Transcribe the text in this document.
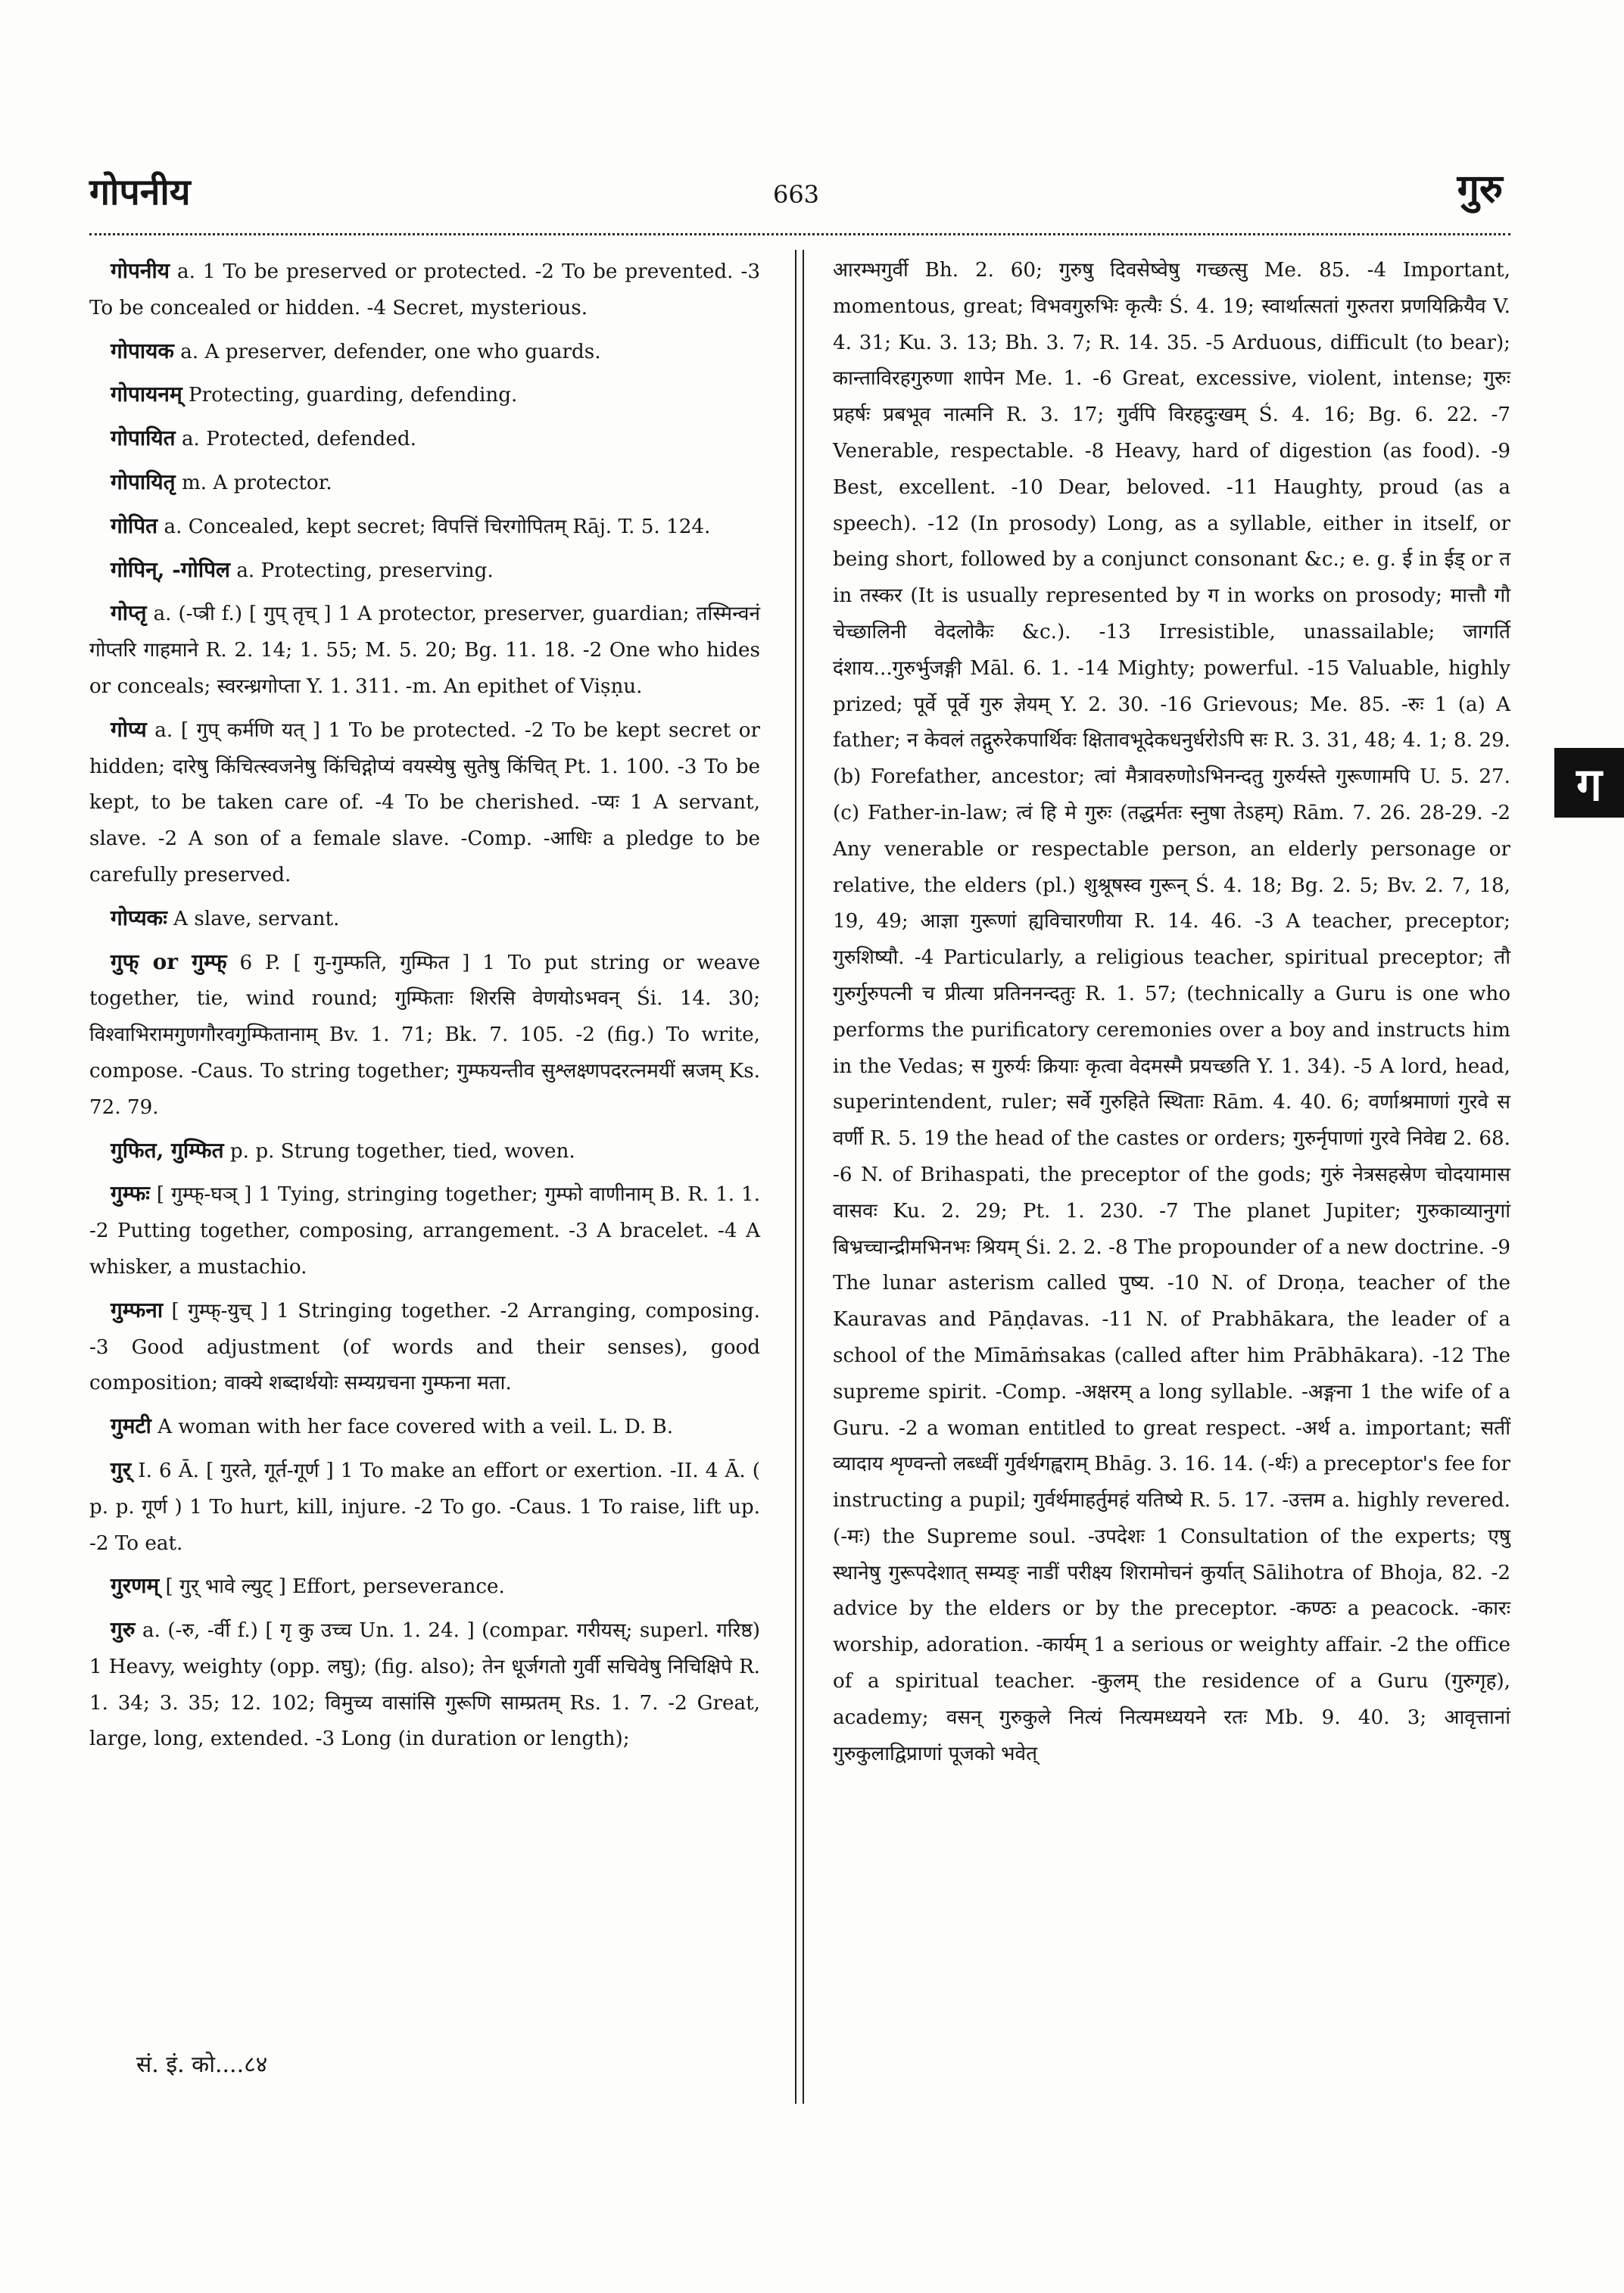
गोपनीय	663	गुरु

गोपनीय a. 1 To be preserved or protected. -2 To be prevented. -3 To be concealed or hidden. -4 Secret, mysterious.

गोपायक a. A preserver, defender, one who guards.

गोपायनम् Protecting, guarding, defending.

गोपायित a. Protected, defended.

गोपायितृ m. A protector.

गोपित a. Concealed, kept secret; विपत्तिं चिरगोपितम् Rāj. T. 5. 124.

गोपिन्, -गोपिल a. Protecting, preserving.

गोप्तृ a. (-प्त्री f.) [ गुप् तृच् ] 1 A protector, preserver, guardian; तस्मिन्वनं गोप्तरि गाहमाने R. 2. 14; 1. 55; M. 5. 20; Bg. 11. 18. -2 One who hides or conceals; स्वरन्ध्रगोप्ता Y. 1. 311. -m. An epithet of Viṣṇu.

गोप्य a. [ गुप् कर्मणि यत् ] 1 To be protected. -2 To be kept secret or hidden; दारेषु किंचित्स्वजनेषु किंचिद्गोप्यं वयस्येषु सुतेषु किंचित् Pt. 1. 100. -3 To be kept, to be taken care of. -4 To be cherished. -प्यः 1 A servant, slave. -2 A son of a female slave. -Comp. -आधिः a pledge to be carefully preserved.

गोप्यकः A slave, servant.

गुफ् or गुम्फ् 6 P. [ गु-गुम्फति, गुम्फित ] 1 To put string or weave together, tie, wind round; गुम्फिताः शिरसि वेणयोऽभवन् Śi. 14. 30; विश्वाभिरामगुणगौरवगुम्फितानाम् Bv. 1. 71; Bk. 7. 105. -2 (fig.) To write, compose. -Caus. To string together; गुम्फयन्तीव सुश्लक्ष्णपदरत्नमयीं स्रजम् Ks. 72. 79.

गुफित, गुम्फित p. p. Strung together, tied, woven.

गुम्फः [ गुम्फ्-घञ् ] 1 Tying, stringing together; गुम्फो वाणीनाम् B. R. 1. 1. -2 Putting together, composing, arrangement. -3 A bracelet. -4 A whisker, a mustachio.

गुम्फना [ गुम्फ्-युच् ] 1 Stringing together. -2 Arranging, composing. -3 Good adjustment (of words and their senses), good composition; वाक्ये शब्दार्थयोः सम्यग्रचना गुम्फना मता.

गुमटी A woman with her face covered with a veil. L. D. B.

गुर् I. 6 Ā. [ गुरते, गूर्त-गूर्ण ] 1 To make an effort or exertion. -II. 4 Ā. ( p. p. गूर्ण ) 1 To hurt, kill, injure. -2 To go. -Caus. 1 To raise, lift up. -2 To eat.

गुरणम् [ गुर् भावे ल्युट् ] Effort, perseverance.

गुरु a. (-रु, -र्वी f.) [ गृ कु उच्च Un. 1. 24. ] (compar. गरीयस्; superl. गरिष्ठ) 1 Heavy, weighty (opp. लघु); (fig. also); तेन धूर्जगतो गुर्वी सचिवेषु निचिक्षिपे R. 1. 34; 3. 35; 12. 102; विमुच्य वासांसि गुरूणि साम्प्रतम् Rs. 1. 7. -2 Great, large, long, extended. -3 Long (in duration or length);

आरम्भगुर्वी Bh. 2. 60; गुरुषु दिवसेष्वेषु गच्छत्सु Me. 85. -4 Important, momentous, great; विभवगुरुभिः कृत्यैः Ś. 4. 19; स्वार्थात्सतां गुरुतरा प्रणयिक्रियैव V. 4. 31; Ku. 3. 13; Bh. 3. 7; R. 14. 35. -5 Arduous, difficult (to bear); कान्ताविरहगुरुणा शापेन Me. 1. -6 Great, excessive, violent, intense; गुरुः प्रहर्षः प्रबभूव नात्मनि R. 3. 17; गुर्वपि विरहदुःखम् Ś. 4. 16; Bg. 6. 22. -7 Venerable, respectable. -8 Heavy, hard of digestion (as food). -9 Best, excellent. -10 Dear, beloved. -11 Haughty, proud (as a speech). -12 (In prosody) Long, as a syllable, either in itself, or being short, followed by a conjunct consonant &c.; e. g. ई in ईड् or त in तस्कर (It is usually represented by ग in works on prosody; मात्तौ गौ चेच्छालिनी वेदलोकैः &c.). -13 Irresistible, unassailable; जागर्ति दंशाय...गुरुर्भुजङ्गी Māl. 6. 1. -14 Mighty; powerful. -15 Valuable, highly prized; पूर्वे पूर्वे गुरु ज्ञेयम् Y. 2. 30. -16 Grievous; Me. 85. -रुः 1 (a) A father; न केवलं तद्गुरुरेकपार्थिवः क्षितावभूदेकधनुर्धरोऽपि सः R. 3. 31, 48; 4. 1; 8. 29. (b) Forefather, ancestor; त्वां मैत्रावरुणोऽभिनन्दतु गुरुर्यस्ते गुरूणामपि U. 5. 27. (c) Father-in-law; त्वं हि मे गुरुः (तद्धर्मतः स्नुषा तेऽहम्) Rām. 7. 26. 28-29. -2 Any venerable or respectable person, an elderly personage or relative, the elders (pl.) शुश्रूषस्व गुरून् Ś. 4. 18; Bg. 2. 5; Bv. 2. 7, 18, 19, 49; आज्ञा गुरूणां ह्यविचारणीया R. 14. 46. -3 A teacher, preceptor; गुरुशिष्यौ. -4 Particularly, a religious teacher, spiritual preceptor; तौ गुरुर्गुरुपत्नी च प्रीत्या प्रतिननन्दतुः R. 1. 57; (technically a Guru is one who performs the purificatory ceremonies over a boy and instructs him in the Vedas; स गुरुर्यः क्रियाः कृत्वा वेदमस्मै प्रयच्छति Y. 1. 34). -5 A lord, head, superintendent, ruler; सर्वे गुरुहिते स्थिताः Rām. 4. 40. 6; वर्णाश्रमाणां गुरवे स वर्णी R. 5. 19 the head of the castes or orders; गुरुर्नृपाणां गुरवे निवेद्य 2. 68. -6 N. of Brihaspati, the preceptor of the gods; गुरुं नेत्रसहस्रेण चोदयामास वासवः Ku. 2. 29; Pt. 1. 230. -7 The planet Jupiter; गुरुकाव्यानुगां बिभ्रच्चान्द्रीमभिनभः श्रियम् Śi. 2. 2. -8 The propounder of a new doctrine. -9 The lunar asterism called पुष्य. -10 N. of Droṇa, teacher of the Kauravas and Pāṇḍavas. -11 N. of Prabhākara, the leader of a school of the Mīmāṁsakas (called after him Prābhākara). -12 The supreme spirit. -Comp. -अक्षरम् a long syllable. -अङ्गना 1 the wife of a Guru. -2 a woman entitled to great respect. -अर्थ a. important; सतीं व्यादाय शृण्वन्तो लब्ध्वीं गुर्वर्थगह्वराम् Bhāg. 3. 16. 14. (-र्थः) a preceptor's fee for instructing a pupil; गुर्वर्थमाहर्तुमहं यतिष्ये R. 5. 17. -उत्तम a. highly revered. (-मः) the Supreme soul. -उपदेशः 1 Consultation of the experts; एषु स्थानेषु गुरूपदेशात् सम्यङ् नाडीं परीक्ष्य शिरामोचनं कुर्यात् Sālihotra of Bhoja, 82. -2 advice by the elders or by the preceptor. -कण्ठः a peacock. -कारः worship, adoration. -कार्यम् 1 a serious or weighty affair. -2 the office of a spiritual teacher. -कुलम् the residence of a Guru (गुरुगृह), academy; वसन् गुरुकुले नित्यं नित्यमध्ययने रतः Mb. 9. 40. 3; आवृत्तानां गुरुकुलाद्विप्राणां पूजको भवेत्

ग
सं. इं. को....८४
